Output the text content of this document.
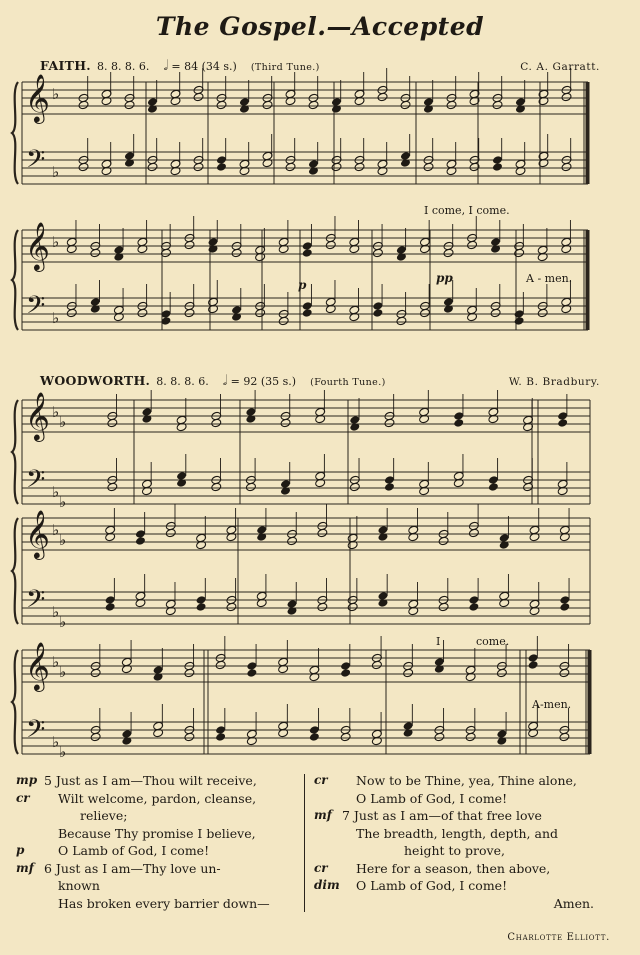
The Gospel.—Accepted
FAITH. 8. 8. 8. 6. 𝅗𝅥 = 84 (34 s.) (Third Tune.)	C. A. Garratt.
WOODWORTH. 8. 8. 8. 6. 𝅗𝅥 = 92 (35 s.) (Fourth Tune.)	W. B. Bradbury.
𝄞
𝄢
♭
♭
𝄞
𝄢
♭
♭
𝄞
𝄢
♭
♭
♭
♭
𝄞
𝄢
♭
♭
♭
♭
𝄞
𝄢
♭
♭
♭
♭
I come, I come.
p	pp	A - men.
I	come.
A-men.
mp 5 Just as I am—Thou wilt receive,
cr	Wilt welcome, pardon, cleanse,
relieve;
Because Thy promise I believe,
p	O Lamb of God, I come!
mf 6 Just as I am—Thy love un-
known
Has broken every barrier down—
cr	Now to be Thine, yea, Thine alone,
O Lamb of God, I come!
mf 7 Just as I am—of that free love
The breadth, length, depth, and
height to prove,
cr	Here for a season, then above,
dim	O Lamb of God, I come!
Amen.
Charlotte Elliott.
